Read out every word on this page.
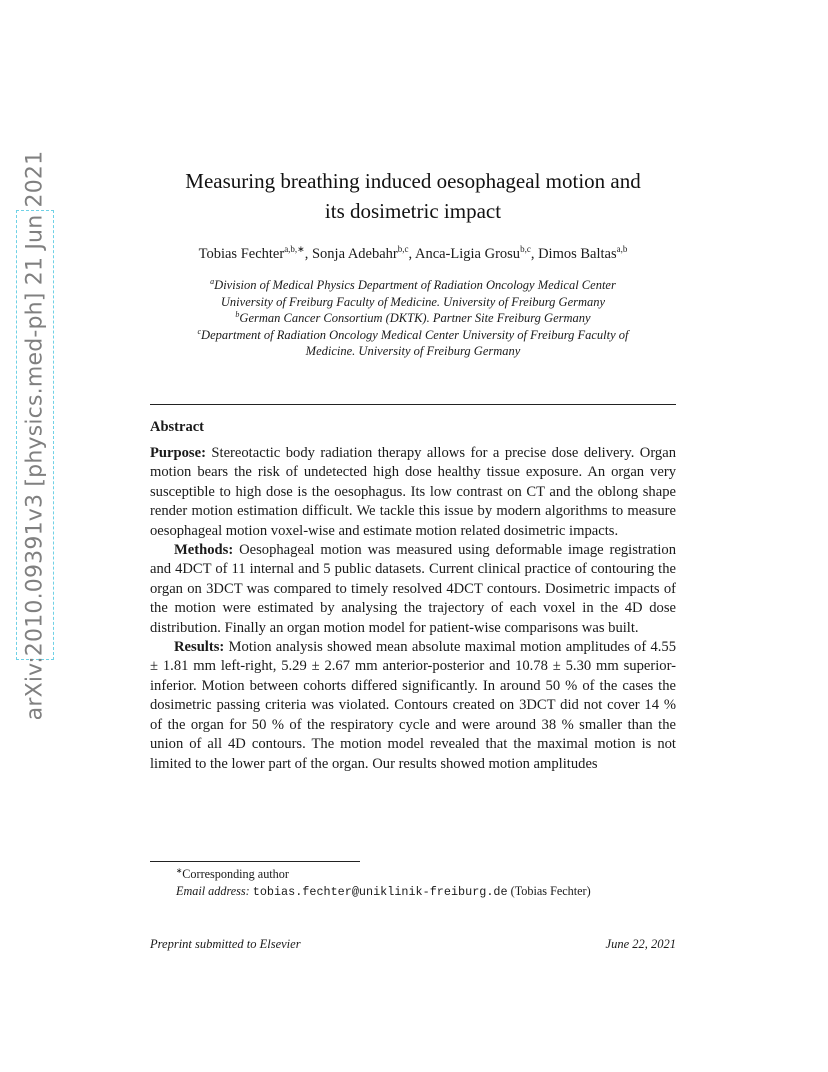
arXiv:2010.09391v3 [physics.med-ph] 21 Jun 2021	Measuring breathing induced oesophageal motion and
its dosimetric impact
Tobias Fechter$^{a,b,∗}$, Sonja Adebahr$^{b,c}$, Anca-Ligia Grosu$^{b,c}$, Dimos Baltas$^{a,b}$
$^a$Division of Medical Physics Department of Radiation Oncology Medical Center
University of Freiburg Faculty of Medicine. University of Freiburg Germany
$^b$German Cancer Consortium (DKTK). Partner Site Freiburg Germany
$^c$Department of Radiation Oncology Medical Center University of Freiburg Faculty of
Medicine. University of Freiburg Germany
Abstract

Purpose: Stereotactic body radiation therapy allows for a precise dose delivery. Organ motion bears the risk of undetected high dose healthy tissue exposure. An organ very susceptible to high dose is the oesophagus. Its low contrast on CT and the oblong shape render motion estimation difficult. We tackle this issue by modern algorithms to measure oesophageal motion voxel-wise and estimate motion related dosimetric impacts.

Methods: Oesophageal motion was measured using deformable image registration and 4DCT of 11 internal and 5 public datasets. Current clinical practice of contouring the organ on 3DCT was compared to timely resolved 4DCT contours. Dosimetric impacts of the motion were estimated by analysing the trajectory of each voxel in the 4D dose distribution. Finally an organ motion model for patient-wise comparisons was built.

Results: Motion analysis showed mean absolute maximal motion amplitudes of 4.55 ± 1.81 mm left-right, 5.29 ± 2.67 mm anterior-posterior and 10.78 ± 5.30 mm superior-inferior. Motion between cohorts differed significantly. In around 50 % of the cases the dosimetric passing criteria was violated. Contours created on 3DCT did not cover 14 % of the organ for 50 % of the respiratory cycle and were around 38 % smaller than the union of all 4D contours. The motion model revealed that the maximal motion is not limited to the lower part of the organ. Our results showed motion amplitudes

∗Corresponding author
Email address: tobias.fechter@uniklinik-freiburg.de (Tobias Fechter)
Preprint submitted to Elsevier	June 22, 2021
